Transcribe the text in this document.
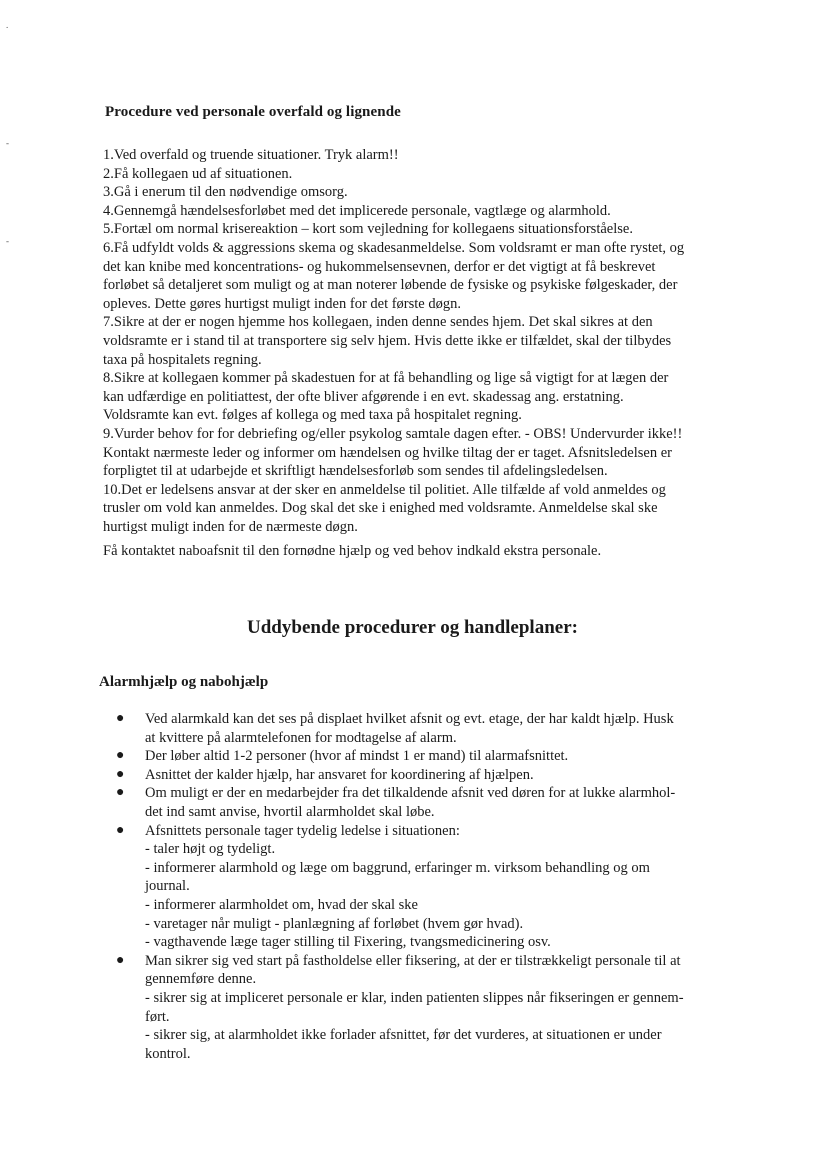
.
-
-
Procedure ved personale overfald og lignende
1.Ved overfald og truende situationer. Tryk alarm!!
2.Få kollegaen ud af situationen.
3.Gå i enerum til den nødvendige omsorg.
4.Gennemgå hændelsesforløbet med det implicerede personale, vagtlæge og alarmhold.
5.Fortæl om normal krisereaktion – kort som vejledning for kollegaens situationsforståelse.
6.Få udfyldt volds & aggressions skema og skadesanmeldelse. Som voldsramt er man ofte rystet, og
det kan knibe med koncentrations- og hukommelsensevnen, derfor er det vigtigt at få beskrevet
forløbet så detaljeret som muligt og at man noterer løbende de fysiske og psykiske følgeskader, der
opleves. Dette gøres hurtigst muligt inden for det første døgn.
7.Sikre at der er nogen hjemme hos kollegaen, inden denne sendes hjem. Det skal sikres at den
voldsramte er i stand til at transportere sig selv hjem. Hvis dette ikke er tilfældet, skal der tilbydes
taxa på hospitalets regning.
8.Sikre at kollegaen kommer på skadestuen for at få behandling og lige så vigtigt for at lægen der
kan udfærdige en politiattest, der ofte bliver afgørende i en evt. skadessag ang. erstatning.
Voldsramte kan evt. følges af kollega og med taxa på hospitalet regning.
9.Vurder behov for for debriefing og/eller psykolog samtale dagen efter. - OBS! Undervurder ikke!!
Kontakt nærmeste leder og informer om hændelsen og hvilke tiltag der er taget. Afsnitsledelsen er
forpligtet til at udarbejde et skriftligt hændelsesforløb som sendes til afdelingsledelsen.
10.Det er ledelsens ansvar at der sker en anmeldelse til politiet. Alle tilfælde af vold anmeldes og
trusler om vold kan anmeldes. Dog skal det ske i enighed med voldsramte. Anmeldelse skal ske
hurtigst muligt inden for de nærmeste døgn.
Få kontaktet naboafsnit til den fornødne hjælp og ved behov indkald ekstra personale.
Uddybende procedurer og handleplaner:
Alarmhjælp og nabohjælp
● Ved alarmkald kan det ses på displaet hvilket afsnit og evt. etage, der har kaldt hjælp. Husk
at kvittere på alarmtelefonen for modtagelse af alarm.
● Der løber altid 1-2 personer (hvor af mindst 1 er mand) til alarmafsnittet.
● Asnittet der kalder hjælp, har ansvaret for koordinering af hjælpen.
● Om muligt er der en medarbejder fra det tilkaldende afsnit ved døren for at lukke alarmhol-
det ind samt anvise, hvortil alarmholdet skal løbe.
● Afsnittets personale tager tydelig ledelse i situationen:
- taler højt og tydeligt.
- informerer alarmhold og læge om baggrund, erfaringer m. virksom behandling og om
journal.
- informerer alarmholdet om, hvad der skal ske
- varetager når muligt - planlægning af forløbet (hvem gør hvad).
- vagthavende læge tager stilling til Fixering, tvangsmedicinering osv.
● Man sikrer sig ved start på fastholdelse eller fiksering, at der er tilstrækkeligt personale til at
gennemføre denne.
- sikrer sig at impliceret personale er klar, inden patienten slippes når fikseringen er gennem-
ført.
- sikrer sig, at alarmholdet ikke forlader afsnittet, før det vurderes, at situationen er under
kontrol.
